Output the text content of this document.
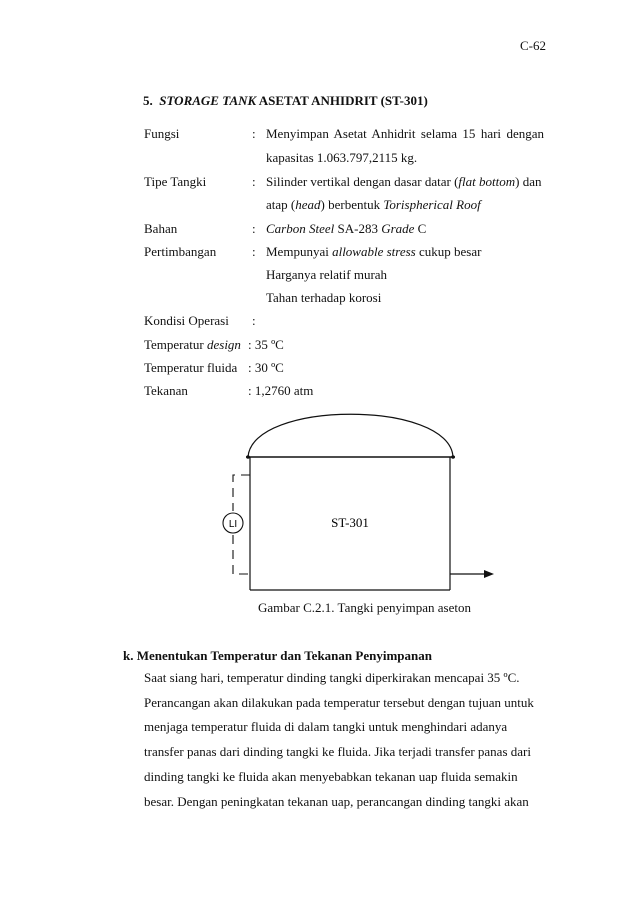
C-62
5. STORAGE TANK ASETAT ANHIDRIT (ST-301)
Fungsi	: Menyimpan Asetat Anhidrit selama 15 hari dengan
kapasitas 1.063.797,2115 kg.
Tipe Tangki	: Silinder vertikal dengan dasar datar (flat bottom) dan
atap (head) berbentuk Torispherical Roof
Bahan	: Carbon Steel SA-283 Grade C
Pertimbangan	: Mempunyai allowable stress cukup besar
Harganya relatif murah
Tahan terhadap korosi
Kondisi Operasi :
Temperatur design : 35 ºC
Temperatur fluida : 30 ºC
Tekanan	: 1,2760 atm
LI	ST-301
Gambar C.2.1. Tangki penyimpan aseton
k. Menentukan Temperatur dan Tekanan Penyimpanan
Saat siang hari, temperatur dinding tangki diperkirakan mencapai 35 ºC.
Perancangan akan dilakukan pada temperatur tersebut dengan tujuan untuk
menjaga temperatur fluida di dalam tangki untuk menghindari adanya
transfer panas dari dinding tangki ke fluida. Jika terjadi transfer panas dari
dinding tangki ke fluida akan menyebabkan tekanan uap fluida semakin
besar. Dengan peningkatan tekanan uap, perancangan dinding tangki akan
